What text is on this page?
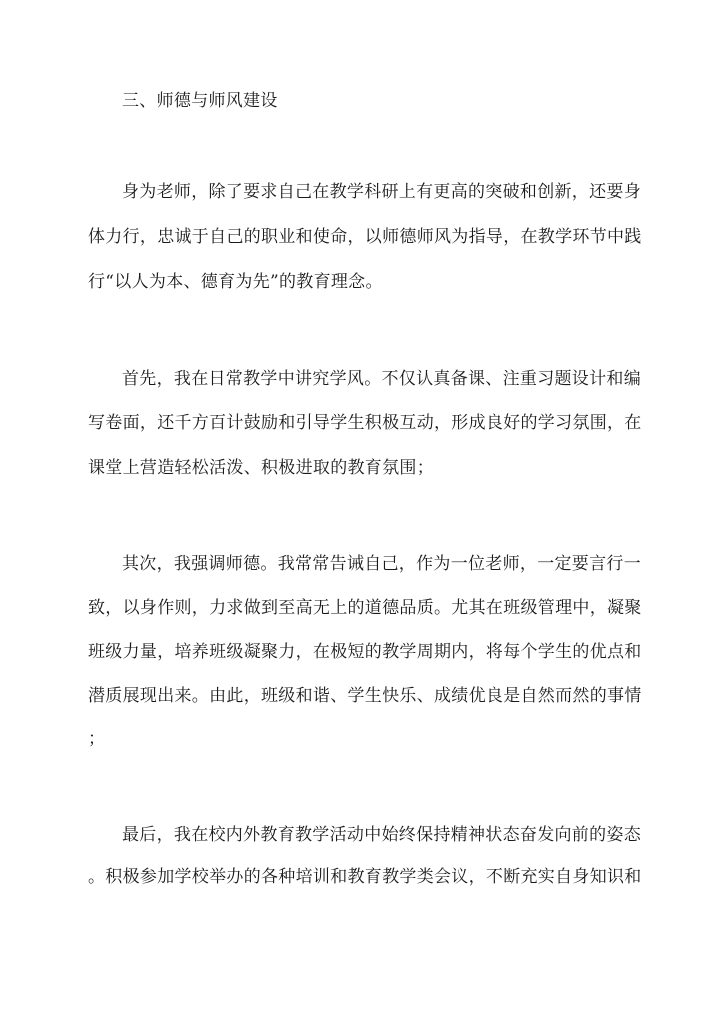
三、师德与师风建设
身为老师，除了要求自己在教学科研上有更高的突破和创新，还要身
体力行，忠诚于自己的职业和使命，以师德师风为指导，在教学环节中践
行“以人为本、德育为先”的教育理念。
首先，我在日常教学中讲究学风。不仅认真备课、注重习题设计和编
写卷面，还千方百计鼓励和引导学生积极互动，形成良好的学习氛围，在
课堂上营造轻松活泼、积极进取的教育氛围；
其次，我强调师德。我常常告诫自己，作为一位老师，一定要言行一
致，以身作则，力求做到至高无上的道德品质。尤其在班级管理中，凝聚
班级力量，培养班级凝聚力，在极短的教学周期内，将每个学生的优点和
潜质展现出来。由此，班级和谐、学生快乐、成绩优良是自然而然的事情
；
最后，我在校内外教育教学活动中始终保持精神状态奋发向前的姿态
。积极参加学校举办的各种培训和教育教学类会议，不断充实自身知识和
